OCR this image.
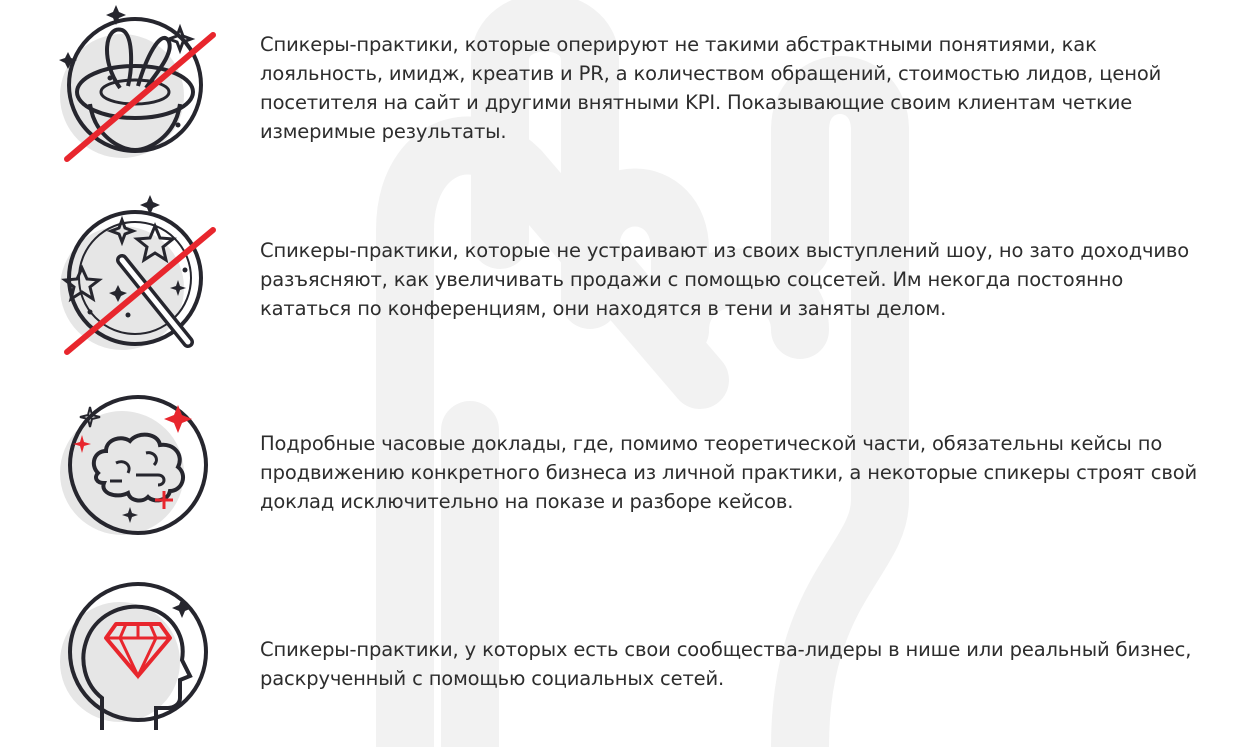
Спикеры-практики, которые оперируют не такими абстрактными понятиями, как лояльность, имидж, креатив и PR, а количеством обращений, стоимостью лидов, ценой посетителя на сайт и другими внятными KPI. Показывающие своим клиентам четкие измеримые результаты.

Спикеры-практики, которые не устраивают из своих выступлений шоу, но зато доходчиво разъясняют, как увеличивать продажи с помощью соцсетей. Им некогда постоянно кататься по конференциям, они находятся в тени и заняты делом.

Подробные часовые доклады, где, помимо теоретической части, обязательны кейсы по продвижению конкретного бизнеса из личной практики, а некоторые спикеры строят свой доклад исключительно на показе и разборе кейсов.

Спикеры-практики, у которых есть свои сообщества-лидеры в нише или реальный бизнес, раскрученный с помощью социальных сетей.
